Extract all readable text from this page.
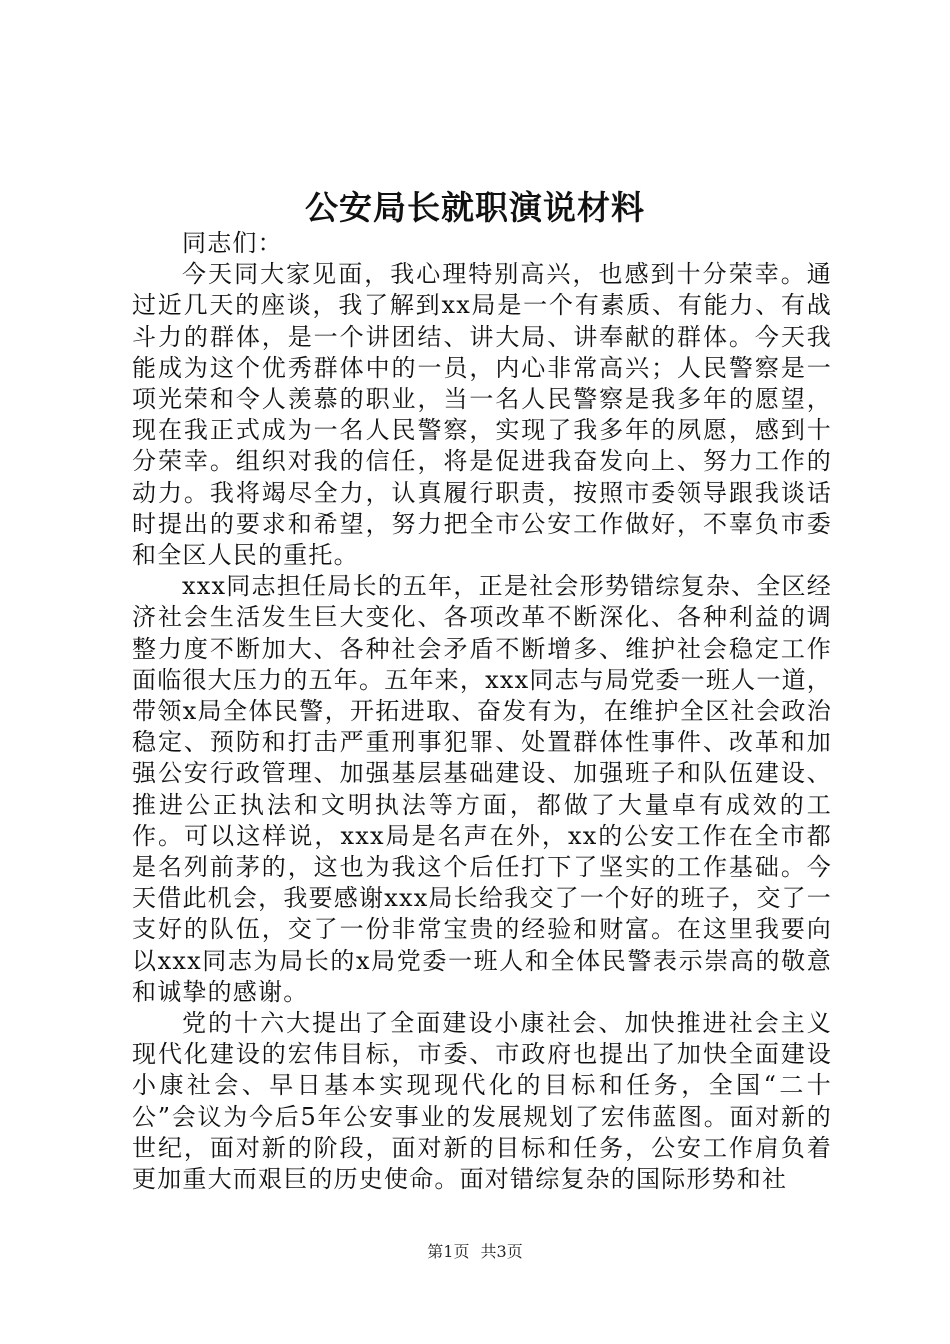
公安局长就职演说材料

同志们：

今天同大家见面，我心理特别高兴，也感到十分荣幸。通过近几天的座谈，我了解到xx局是一个有素质、有能力、有战斗力的群体，是一个讲团结、讲大局、讲奉献的群体。今天我能成为这个优秀群体中的一员，内心非常高兴；人民警察是一项光荣和令人羡慕的职业，当一名人民警察是我多年的愿望，现在我正式成为一名人民警察，实现了我多年的夙愿，感到十分荣幸。组织对我的信任，将是促进我奋发向上、努力工作的动力。我将竭尽全力，认真履行职责，按照市委领导跟我谈话时提出的要求和希望，努力把全市公安工作做好，不辜负市委和全区人民的重托。

xxx同志担任局长的五年，正是社会形势错综复杂、全区经济社会生活发生巨大变化、各项改革不断深化、各种利益的调整力度不断加大、各种社会矛盾不断增多、维护社会稳定工作面临很大压力的五年。五年来，xxx同志与局党委一班人一道，带领x局全体民警，开拓进取、奋发有为，在维护全区社会政治稳定、预防和打击严重刑事犯罪、处置群体性事件、改革和加强公安行政管理、加强基层基础建设、加强班子和队伍建设、推进公正执法和文明执法等方面，都做了大量卓有成效的工作。可以这样说，xxx局是名声在外，xx的公安工作在全市都是名列前茅的，这也为我这个后任打下了坚实的工作基础。今天借此机会，我要感谢xxx局长给我交了一个好的班子，交了一支好的队伍，交了一份非常宝贵的经验和财富。在这里我要向以xxx同志为局长的x局党委一班人和全体民警表示崇高的敬意和诚挚的感谢。

党的十六大提出了全面建设小康社会、加快推进社会主义现代化建设的宏伟目标，市委、市政府也提出了加快全面建设小康社会、早日基本实现现代化的目标和任务，全国“二十公”会议为今后5年公安事业的发展规划了宏伟蓝图。面对新的世纪，面对新的阶段，面对新的目标和任务，公安工作肩负着更加重大而艰巨的历史使命。面对错综复杂的国际形势和社

第1页 共3页
